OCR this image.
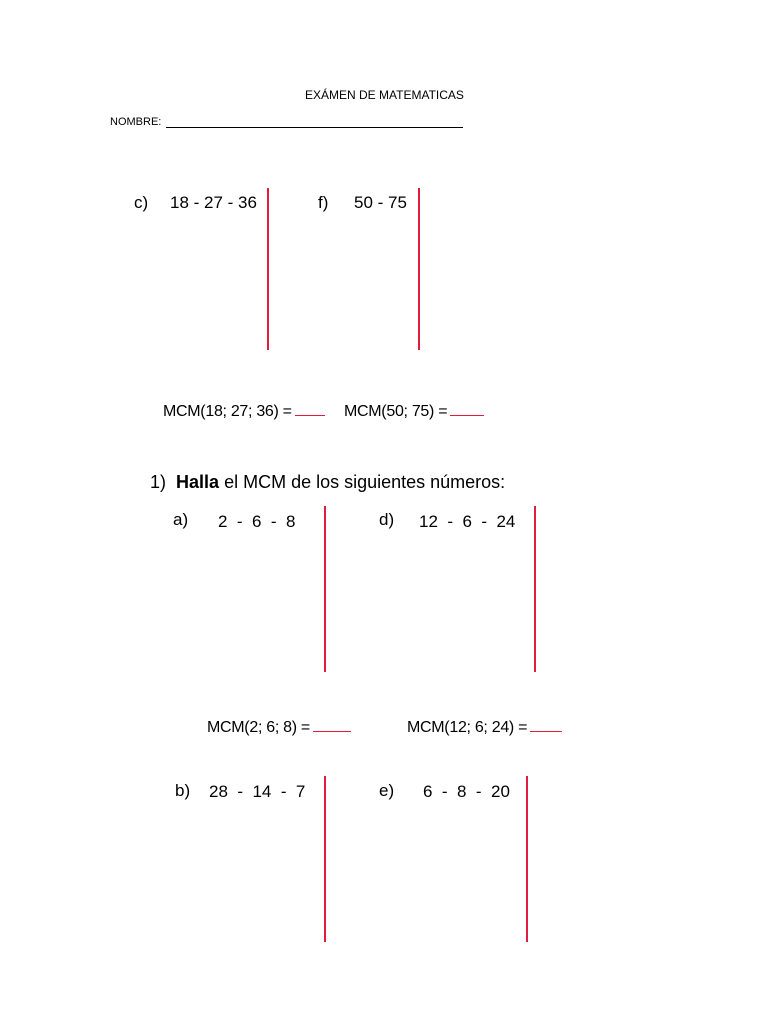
EXÁMEN DE MATEMATICAS
NOMBRE:
c) 18 - 27 - 36	f) 50 - 75
MCM(18; 27; 36) =	MCM(50; 75) =
1) Halla el MCM de los siguientes números:
a) 2  -  6  -  8	d) 12  -  6  -  24
MCM(2; 6; 8) =	MCM(12; 6; 24) =
b) 28  -  14  -  7	e) 6  -  8  -  20
